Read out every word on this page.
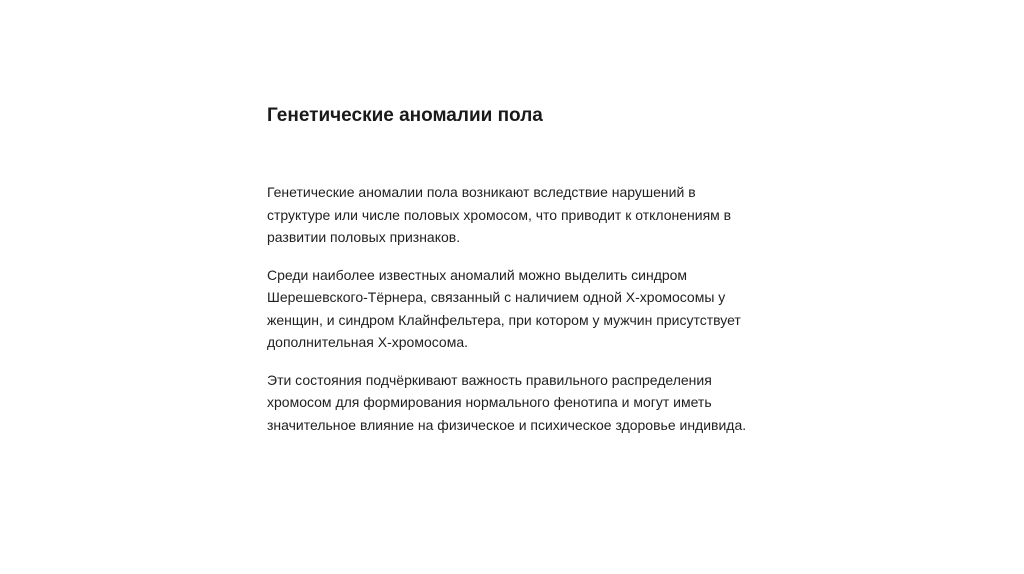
Генетические аномалии пола

Генетические аномалии пола возникают вследствие нарушений в
структуре или числе половых хромосом, что приводит к отклонениям в
развитии половых признаков.

Среди наиболее известных аномалий можно выделить синдром
Шерешевского-Тёрнера, связанный с наличием одной X-хромосомы у
женщин, и синдром Клайнфельтера, при котором у мужчин присутствует
дополнительная X-хромосома.

Эти состояния подчёркивают важность правильного распределения
хромосом для формирования нормального фенотипа и могут иметь
значительное влияние на физическое и психическое здоровье индивида.
